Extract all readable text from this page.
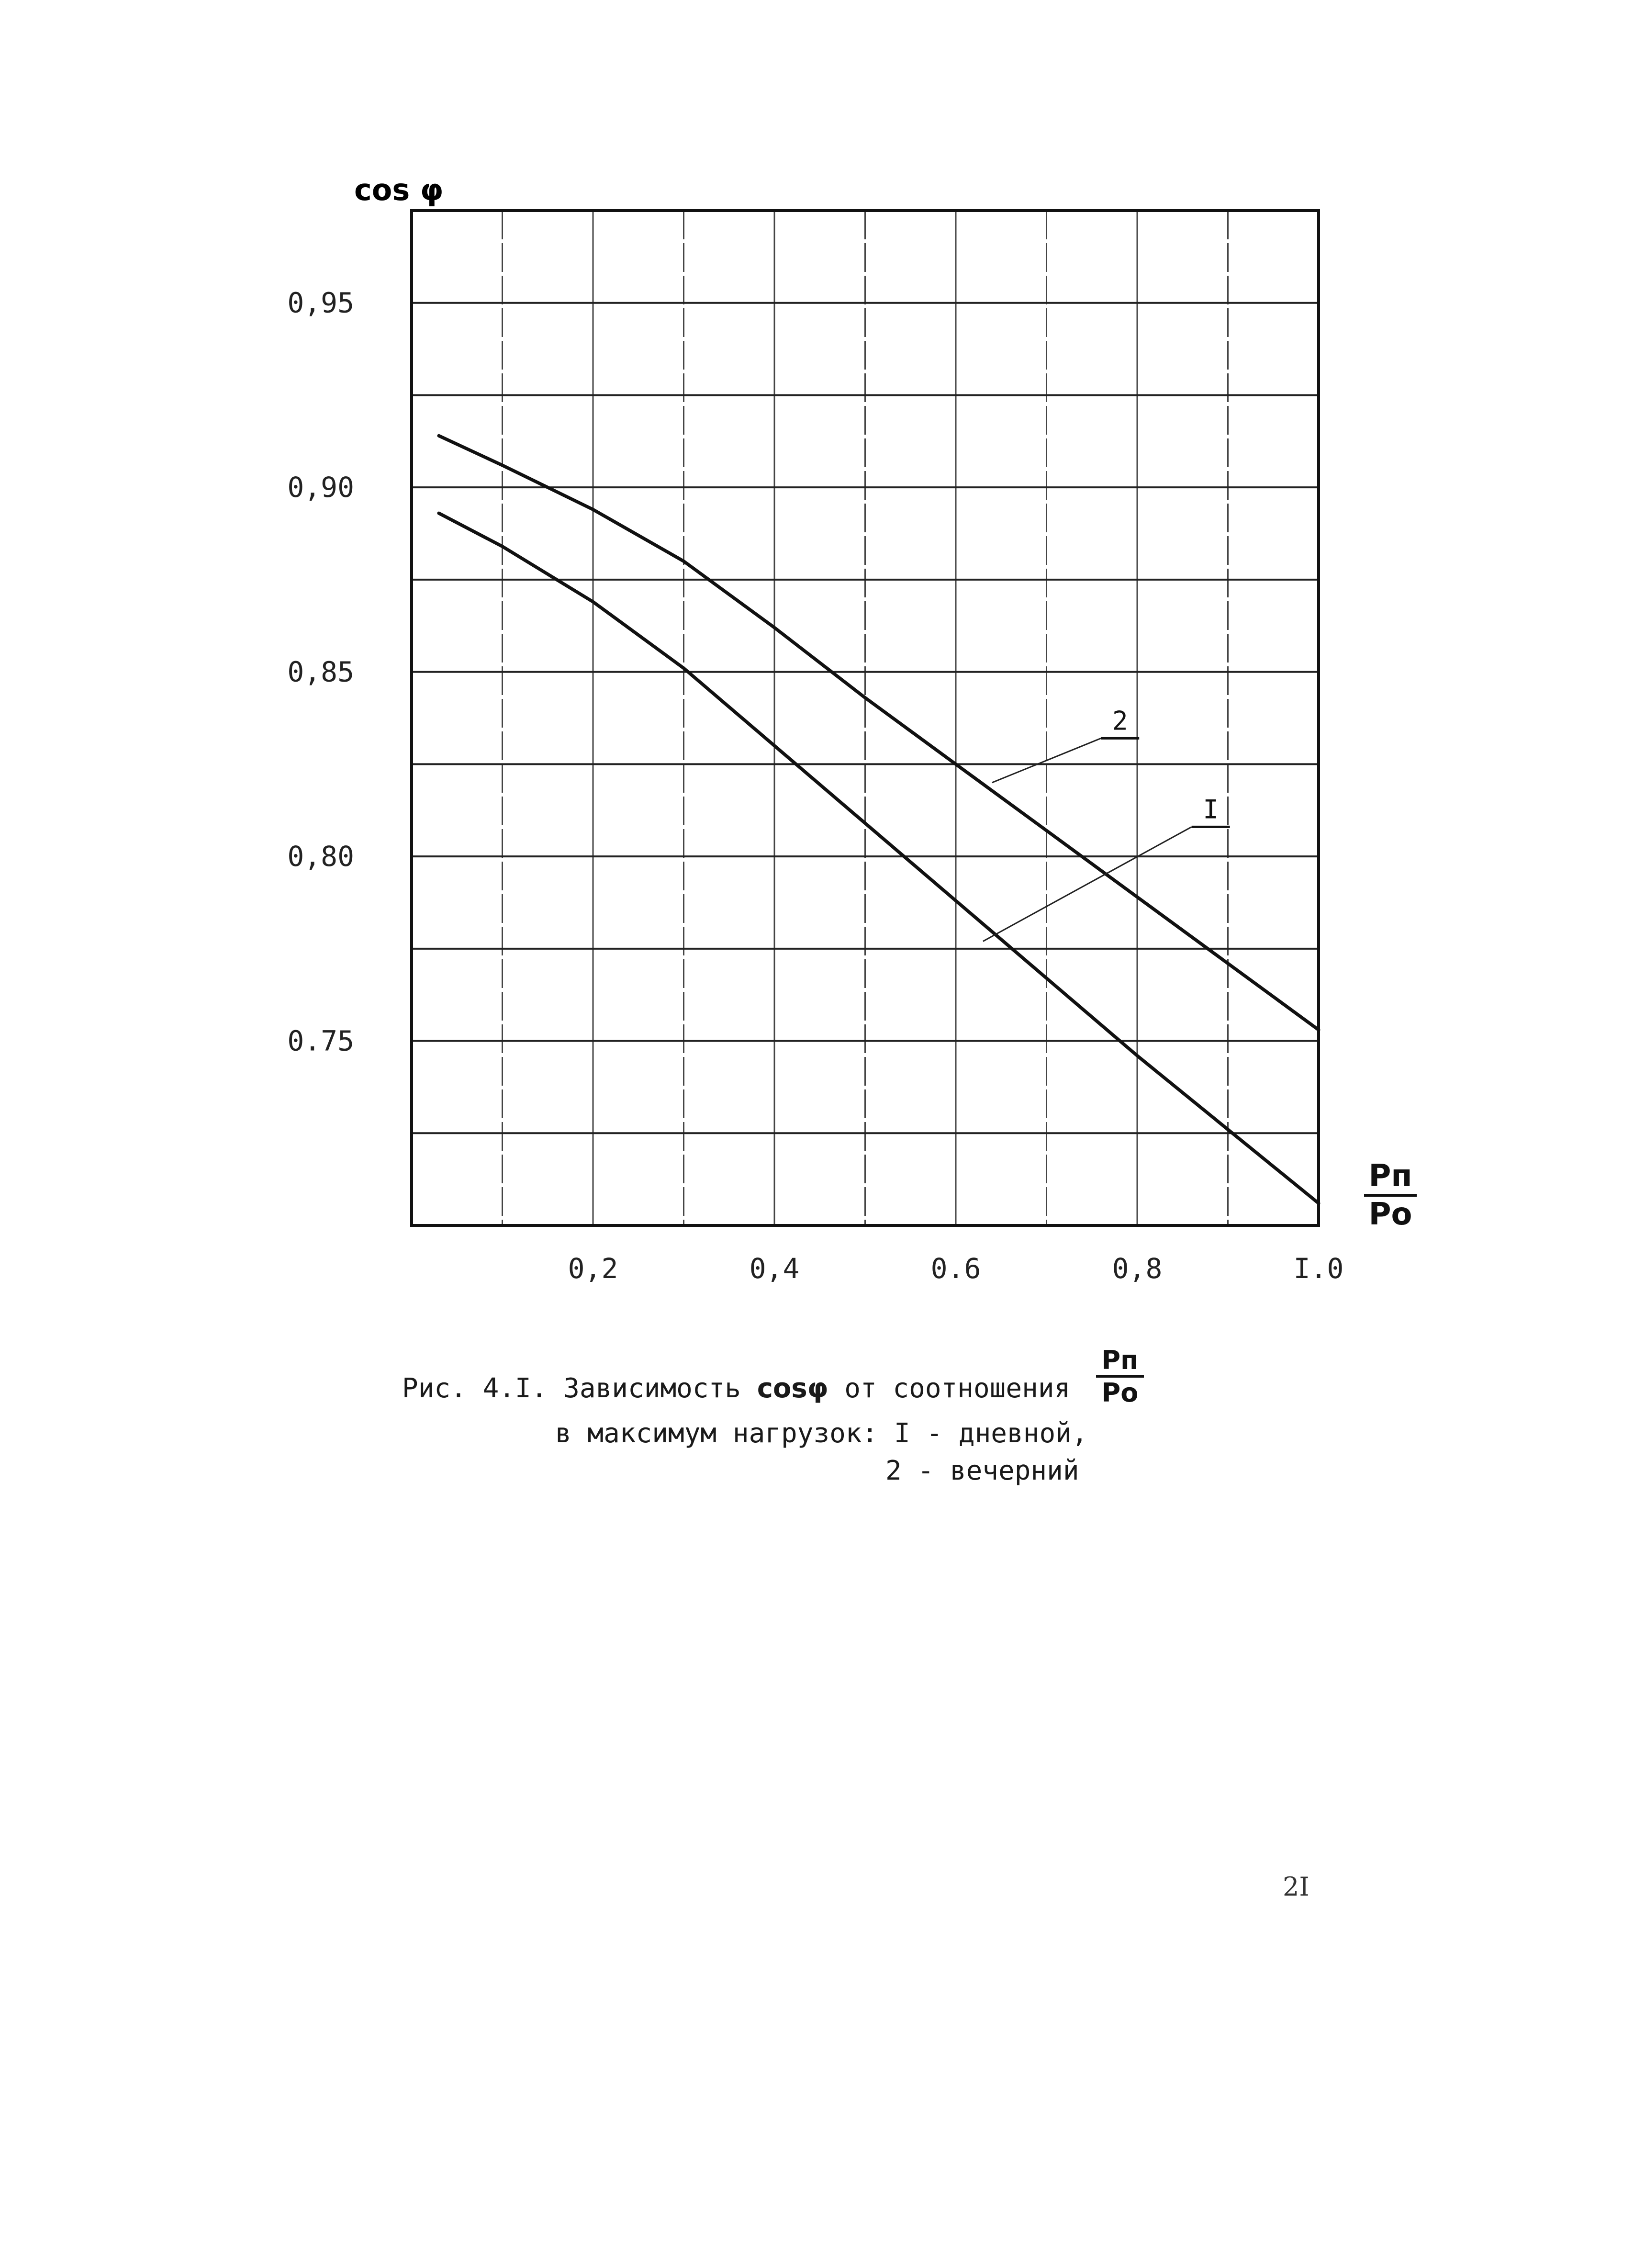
0,2	0,4	0.6	0,8	I.0
0,95
0,90
0,85
0,80
0.75
2
I
cos φ
Pп
Pо
Рис. 4.I. Зависимость cosφ от соотношения
Pп
Pо
в максимум нагрузок: I - дневной,
2 - вечерний
2I
